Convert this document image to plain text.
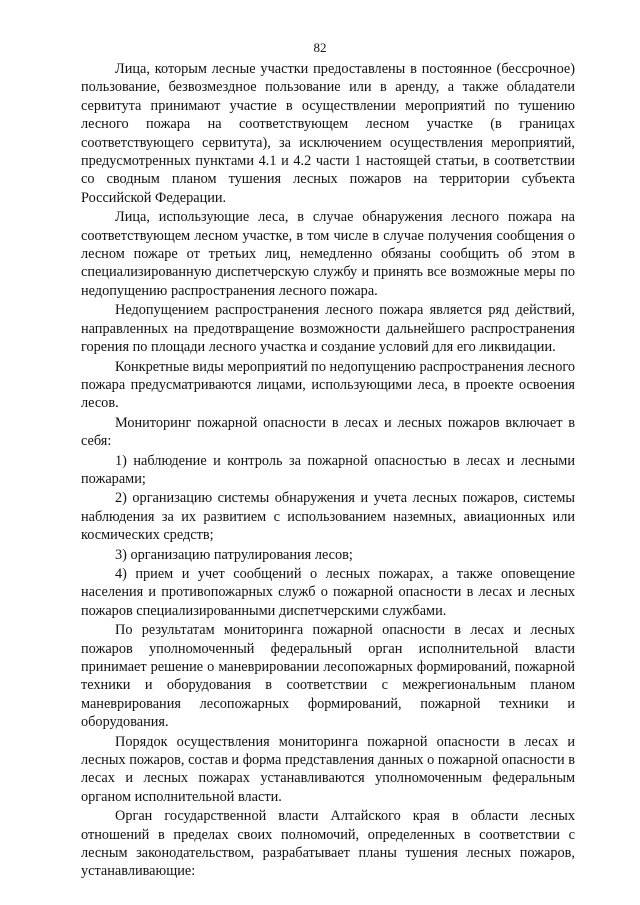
82

Лица, которым лесные участки предоставлены в постоянное (бессрочное) пользование, безвозмездное пользование или в аренду, а также обладатели сервитута принимают участие в осуществлении мероприятий по тушению лесного пожара на соответствующем лесном участке (в границах соответствующего сервитута), за исключением осуществления мероприятий, предусмотренных пунктами 4.1 и 4.2 части 1 настоящей статьи, в соответствии со сводным планом тушения лесных пожаров на территории субъекта Российской Федерации.

Лица, использующие леса, в случае обнаружения лесного пожара на соответствующем лесном участке, в том числе в случае получения сообщения о лесном пожаре от третьих лиц, немедленно обязаны сообщить об этом в специализированную диспетчерскую службу и принять все возможные меры по недопущению распространения лесного пожара.

Недопущением распространения лесного пожара является ряд действий, направленных на предотвращение возможности дальнейшего распространения горения по площади лесного участка и создание условий для его ликвидации.

Конкретные виды мероприятий по недопущению распространения лесного пожара предусматриваются лицами, использующими леса, в проекте освоения лесов.

Мониторинг пожарной опасности в лесах и лесных пожаров включает в себя:

1) наблюдение и контроль за пожарной опасностью в лесах и лесными пожарами;

2) организацию системы обнаружения и учета лесных пожаров, системы наблюдения за их развитием с использованием наземных, авиационных или космических средств;

3) организацию патрулирования лесов;

4) прием и учет сообщений о лесных пожарах, а также оповещение населения и противопожарных служб о пожарной опасности в лесах и лесных пожаров специализированными диспетчерскими службами.

По результатам мониторинга пожарной опасности в лесах и лесных пожаров уполномоченный федеральный орган исполнительной власти принимает решение о маневрировании лесопожарных формирований, пожарной техники и оборудования в соответствии с межрегиональным планом маневрирования лесопожарных формирований, пожарной техники и оборудования.

Порядок осуществления мониторинга пожарной опасности в лесах и лесных пожаров, состав и форма представления данных о пожарной опасности в лесах и лесных пожарах устанавливаются уполномоченным федеральным органом исполнительной власти.

Орган государственной власти Алтайского края в области лесных отношений в пределах своих полномочий, определенных в соответствии с лесным законодательством, разрабатывает планы тушения лесных пожаров, устанавливающие:
